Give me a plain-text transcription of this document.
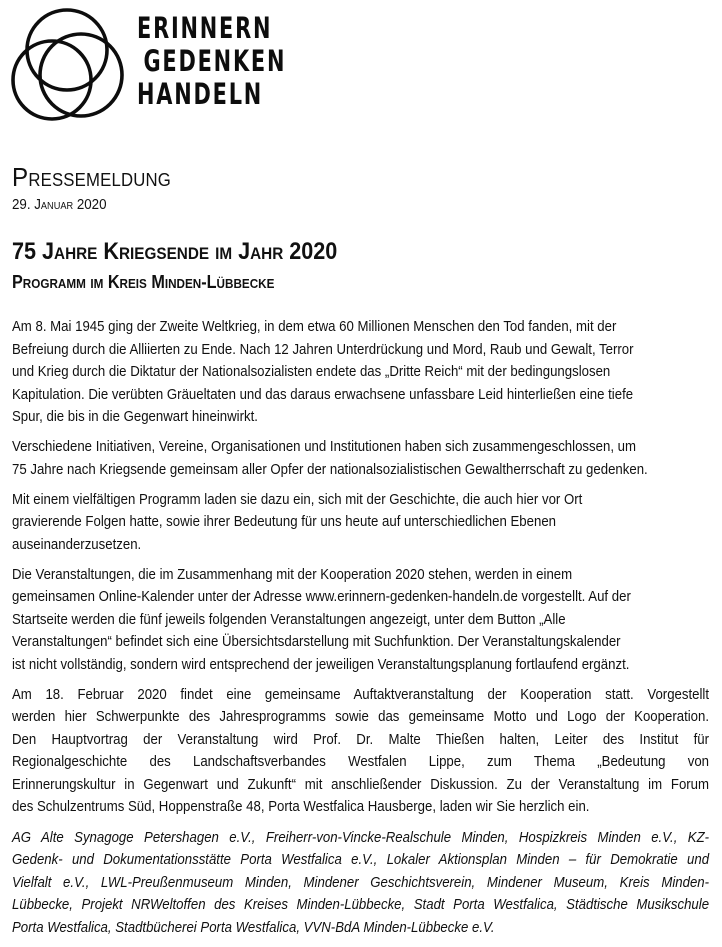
ERINNERN
GEDENKEN
HANDELN
Pressemeldung
29. Januar 2020
75 Jahre Kriegsende im Jahr 2020
Programm im Kreis Minden-Lübbecke
Am 8. Mai 1945 ging der Zweite Weltkrieg, in dem etwa 60 Millionen Menschen den Tod fanden, mit der
Befreiung durch die Alliierten zu Ende. Nach 12 Jahren Unterdrückung und Mord, Raub und Gewalt, Terror
und Krieg durch die Diktatur der Nationalsozialisten endete das „Dritte Reich“ mit der bedingungslosen
Kapitulation. Die verübten Gräueltaten und das daraus erwachsene unfassbare Leid hinterließen eine tiefe
Spur, die bis in die Gegenwart hineinwirkt.
Verschiedene Initiativen, Vereine, Organisationen und Institutionen haben sich zusammengeschlossen, um
75 Jahre nach Kriegsende gemeinsam aller Opfer der nationalsozialistischen Gewaltherrschaft zu gedenken.
Mit einem vielfältigen Programm laden sie dazu ein, sich mit der Geschichte, die auch hier vor Ort
gravierende Folgen hatte, sowie ihrer Bedeutung für uns heute auf unterschiedlichen Ebenen
auseinanderzusetzen.
Die Veranstaltungen, die im Zusammenhang mit der Kooperation 2020 stehen, werden in einem
gemeinsamen Online-Kalender unter der Adresse www.erinnern-gedenken-handeln.de vorgestellt. Auf der
Startseite werden die fünf jeweils folgenden Veranstaltungen angezeigt, unter dem Button „Alle
Veranstaltungen“ befindet sich eine Übersichtsdarstellung mit Suchfunktion. Der Veranstaltungskalender
ist nicht vollständig, sondern wird entsprechend der jeweiligen Veranstaltungsplanung fortlaufend ergänzt.
Am 18. Februar 2020 findet eine gemeinsame Auftaktveranstaltung der Kooperation statt. Vorgestellt
werden hier Schwerpunkte des Jahresprogramms sowie das gemeinsame Motto und Logo der Kooperation.
Den Hauptvortrag der Veranstaltung wird Prof. Dr. Malte Thießen halten, Leiter des Institut für
Regionalgeschichte des Landschaftsverbandes Westfalen Lippe, zum Thema „Bedeutung von
Erinnerungskultur in Gegenwart und Zukunft“ mit anschließender Diskussion. Zu der Veranstaltung im Forum
des Schulzentrums Süd, Hoppenstraße 48, Porta Westfalica Hausberge, laden wir Sie herzlich ein.
AG Alte Synagoge Petershagen e.V., Freiherr-von-Vincke-Realschule Minden, Hospizkreis Minden e.V., KZ-
Gedenk- und Dokumentationsstätte Porta Westfalica e.V., Lokaler Aktionsplan Minden – für Demokratie und
Vielfalt e.V., LWL-Preußenmuseum Minden, Mindener Geschichtsverein, Mindener Museum, Kreis Minden-
Lübbecke, Projekt NRWeltoffen des Kreises Minden-Lübbecke, Stadt Porta Westfalica, Städtische Musikschule
Porta Westfalica, Stadtbücherei Porta Westfalica, VVN-BdA Minden-Lübbecke e.V.
